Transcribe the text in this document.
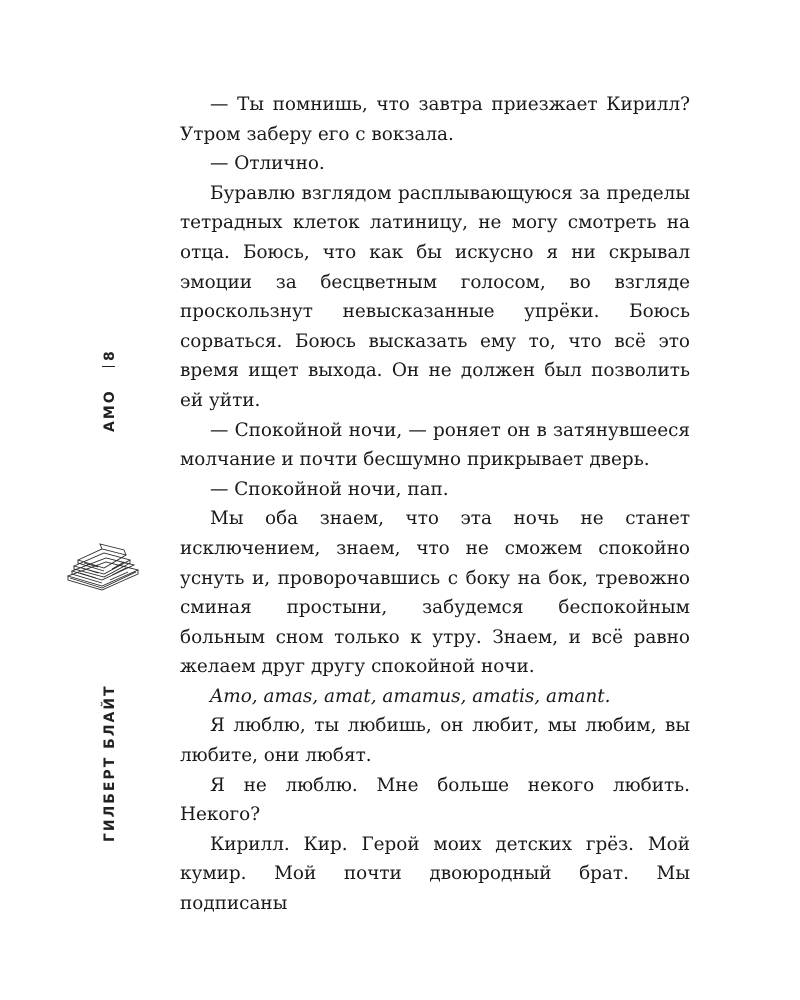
8
АМО
ГИЛБЕРТ БЛАЙТ

— Ты помнишь, что завтра приезжает Кирилл? Утром заберу его с вокзала.

— Отлично.

Буравлю взглядом расплывающуюся за пределы тетрадных клеток латиницу, не могу смотреть на отца. Боюсь, что как бы искусно я ни скрывал эмоции за бесцветным голосом, во взгляде проскользнут невысказанные упрёки. Боюсь сорваться. Боюсь высказать ему то, что всё это время ищет выхода. Он не должен был позволить ей уйти.

— Спокойной ночи, — роняет он в затянувшееся молчание и почти бесшумно прикрывает дверь.

— Спокойной ночи, пап.

Мы оба знаем, что эта ночь не станет исключением, знаем, что не сможем спокойно уснуть и, проворочавшись с боку на бок, тревожно сминая простыни, забудемся беспокойным больным сном только к утру. Знаем, и всё равно желаем друг другу спокойной ночи.

Amo, amas, amat, amamus, amatis, amant.

Я люблю, ты любишь, он любит, мы любим, вы любите, они любят.

Я не люблю. Мне больше некого любить. Некого?

Кирилл. Кир. Герой моих детских грёз. Мой кумир. Мой почти двоюродный брат. Мы подписаны
